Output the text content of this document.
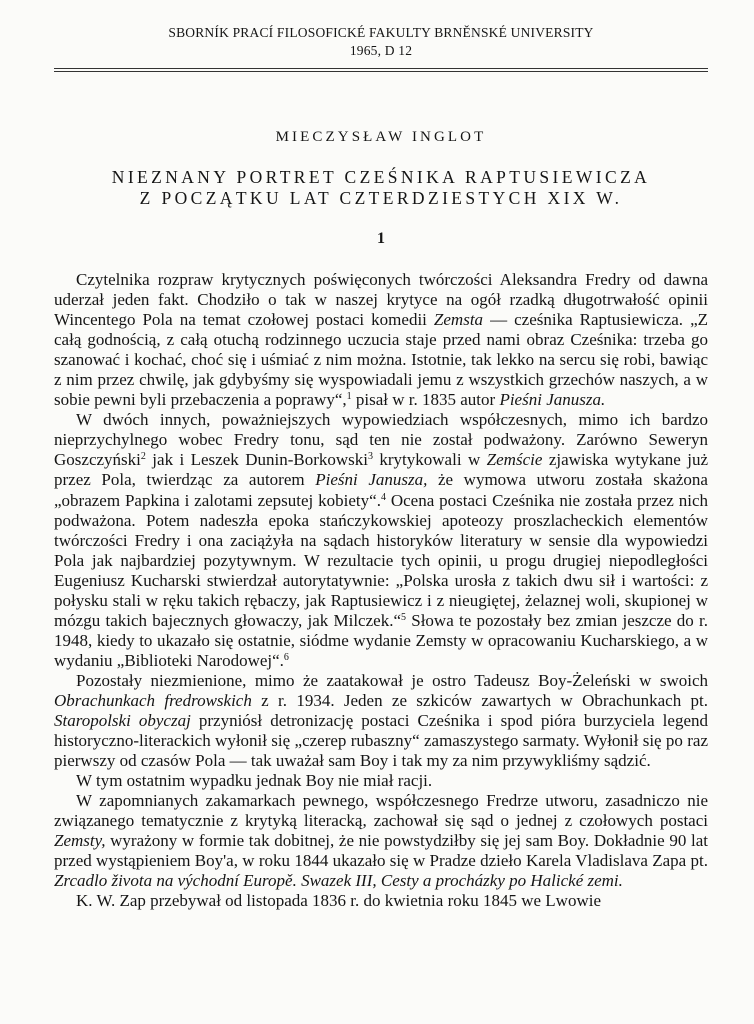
SBORNÍK PRACÍ FILOSOFICKÉ FAKULTY BRNĚNSKÉ UNIVERSITY
1965, D 12
MIECZYSŁAW INGLOT
NIEZNANY PORTRET CZEŚNIKA RAPTUSIEWICZA
Z POCZĄTKU LAT CZTERDZIESTYCH XIX W.
1

Czytelnika rozpraw krytycznych poświęconych twórczości Aleksandra Fredry od dawna uderzał jeden fakt. Chodziło o tak w naszej krytyce na ogół rzadką długotrwałość opinii Wincentego Pola na temat czołowej postaci komedii Zemsta — cześnika Raptusiewicza. „Z całą godnością, z całą otuchą rodzinnego uczucia staje przed nami obraz Cześnika: trzeba go szanować i kochać, choć się i uśmiać z nim można. Istotnie, tak lekko na sercu się robi, bawiąc z nim przez chwilę, jak gdybyśmy się wyspowiadali jemu z wszystkich grzechów naszych, a w sobie pewni byli przebaczenia a poprawy“,$^1$ pisał w r. 1835 autor Pieśni Janusza.

W dwóch innych, poważniejszych wypowiedziach współczesnych, mimo ich bardzo nieprzychylnego wobec Fredry tonu, sąd ten nie został podważony. Zarówno Seweryn Goszczyński$^2$ jak i Leszek Dunin-Borkowski$^3$ krytykowali w Zemście zjawiska wytykane już przez Pola, twierdząc za autorem Pieśni Janusza, że wymowa utworu została skażona „obrazem Papkina i zalotami zepsutej kobiety“.$^4$ Ocena postaci Cześnika nie została przez nich podważona. Potem nadeszła epoka stańczykowskiej apoteozy proszlacheckich elementów twórczości Fredry i ona zaciążyła na sądach historyków literatury w sensie dla wypowiedzi Pola jak najbardziej pozytywnym. W rezultacie tych opinii, u progu drugiej niepodległości Eugeniusz Kucharski stwierdzał autorytatywnie: „Polska urosła z takich dwu sił i wartości: z połysku stali w ręku takich rębaczy, jak Raptusiewicz i z nieugiętej, żelaznej woli, skupionej w mózgu takich bajecznych głowaczy, jak Milczek.“$^5$ Słowa te pozostały bez zmian jeszcze do r. 1948, kiedy to ukazało się ostatnie, siódme wydanie Zemsty w opracowaniu Kucharskiego, a w wydaniu „Biblioteki Narodowej“.$^6$

Pozostały niezmienione, mimo że zaatakował je ostro Tadeusz Boy-Żeleński w swoich Obrachunkach fredrowskich z r. 1934. Jeden ze szkiców zawartych w Obrachunkach pt. Staropolski obyczaj przyniósł detronizację postaci Cześnika i spod pióra burzyciela legend historyczno-literackich wyłonił się „czerep rubaszny“ zamaszystego sarmaty. Wyłonił się po raz pierwszy od czasów Pola — tak uważał sam Boy i tak my za nim przywykliśmy sądzić.

W tym ostatnim wypadku jednak Boy nie miał racji.

W zapomnianych zakamarkach pewnego, współczesnego Fredrze utworu, zasadniczo nie związanego tematycznie z krytyką literacką, zachował się sąd o jednej z czołowych postaci Zemsty, wyrażony w formie tak dobitnej, że nie powstydziłby się jej sam Boy. Dokładnie 90 lat przed wystąpieniem Boy'a, w roku 1844 ukazało się w Pradze dzieło Karela Vladislava Zapa pt. Zrcadlo života na východní Europě. Swazek III, Cesty a procházky po Halické zemi.

K. W. Zap przebywał od listopada 1836 r. do kwietnia roku 1845 we Lwowie
